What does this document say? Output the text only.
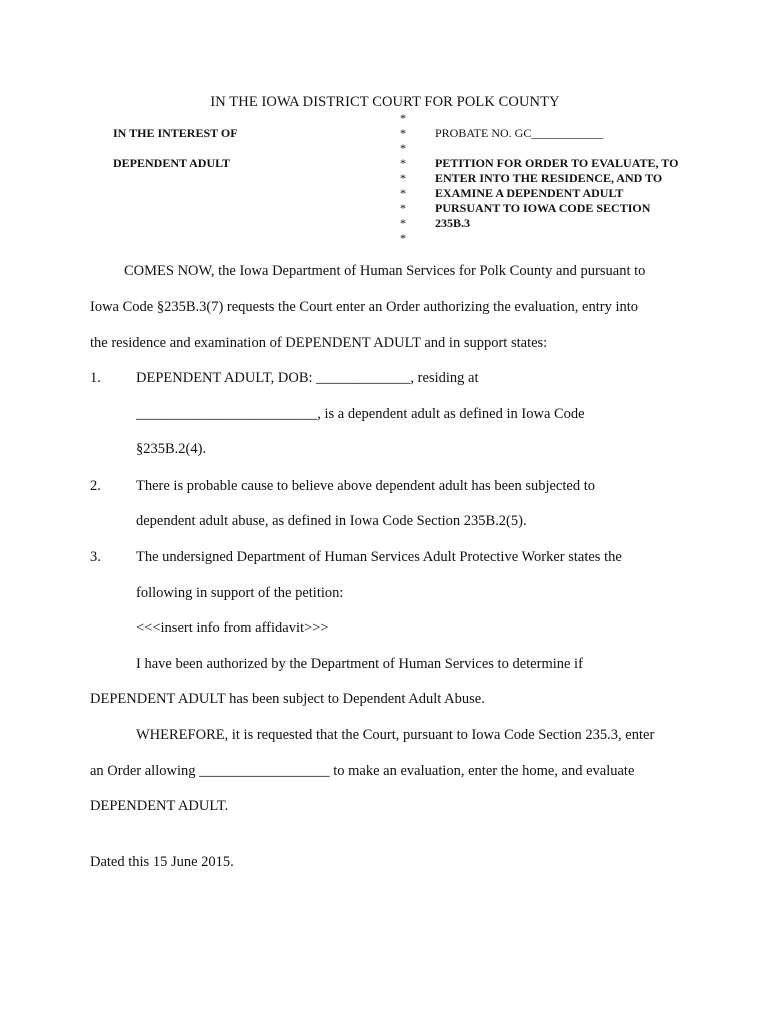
IN THE IOWA DISTRICT COURT FOR POLK COUNTY
IN THE INTEREST OF
DEPENDENT ADULT
*
*
*
*
*
*
*
*
*
PROBATE NO. GC____________
PETITION FOR ORDER TO EVALUATE, TO
ENTER INTO THE RESIDENCE, AND TO
EXAMINE A DEPENDENT ADULT
PURSUANT TO IOWA CODE SECTION
235B.3
COMES NOW, the Iowa Department of Human Services for Polk County and pursuant to
Iowa Code §235B.3(7) requests the Court enter an Order authorizing the evaluation, entry into
the residence and examination of DEPENDENT ADULT and in support states:
1. DEPENDENT ADULT, DOB: _____________, residing at
_________________________, is a dependent adult as defined in Iowa Code
§235B.2(4).
2. There is probable cause to believe above dependent adult has been subjected to
dependent adult abuse, as defined in Iowa Code Section 235B.2(5).
3. The undersigned Department of Human Services Adult Protective Worker states the
following in support of the petition:
<<<insert info from affidavit>>>
I have been authorized by the Department of Human Services to determine if
DEPENDENT ADULT has been subject to Dependent Adult Abuse.
WHEREFORE, it is requested that the Court, pursuant to Iowa Code Section 235.3, enter
an Order allowing __________________ to make an evaluation, enter the home, and evaluate
DEPENDENT ADULT.
Dated this 15 June 2015.
